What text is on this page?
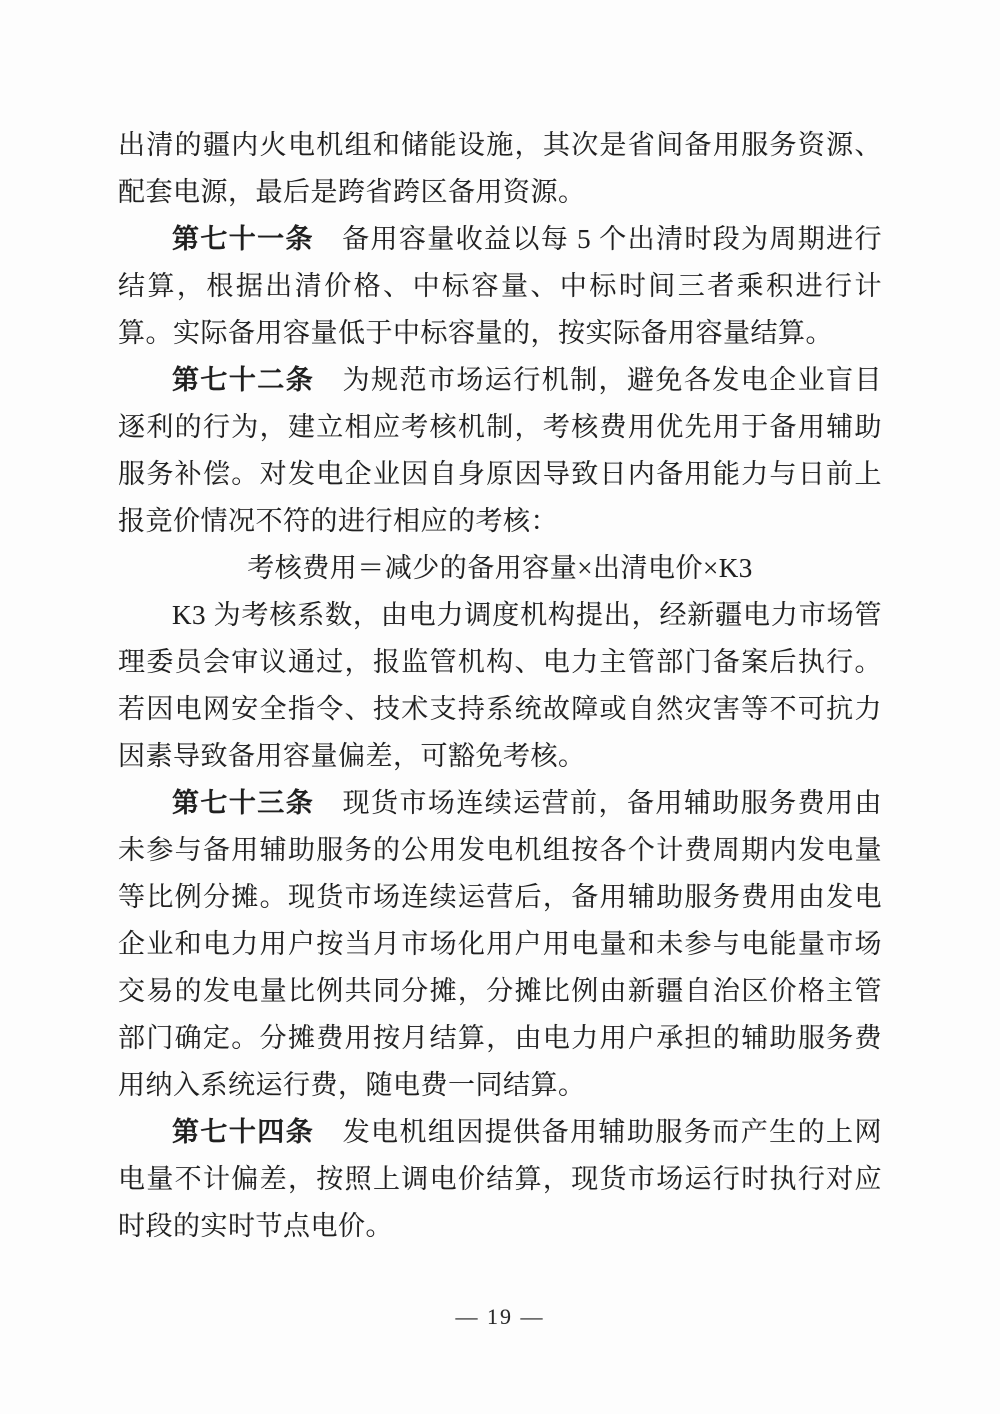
出清的疆内火电机组和储能设施，其次是省间备用服务资源、配套电源，最后是跨省跨区备用资源。

第七十一条　备用容量收益以每 5 个出清时段为周期进行结算，根据出清价格、中标容量、中标时间三者乘积进行计算。实际备用容量低于中标容量的，按实际备用容量结算。

第七十二条　为规范市场运行机制，避免各发电企业盲目逐利的行为，建立相应考核机制，考核费用优先用于备用辅助服务补偿。对发电企业因自身原因导致日内备用能力与日前上报竞价情况不符的进行相应的考核：

考核费用＝减少的备用容量×出清电价×K3

K3 为考核系数，由电力调度机构提出，经新疆电力市场管理委员会审议通过，报监管机构、电力主管部门备案后执行。若因电网安全指令、技术支持系统故障或自然灾害等不可抗力因素导致备用容量偏差，可豁免考核。

第七十三条　现货市场连续运营前，备用辅助服务费用由未参与备用辅助服务的公用发电机组按各个计费周期内发电量等比例分摊。现货市场连续运营后，备用辅助服务费用由发电企业和电力用户按当月市场化用户用电量和未参与电能量市场交易的发电量比例共同分摊，分摊比例由新疆自治区价格主管部门确定。分摊费用按月结算，由电力用户承担的辅助服务费用纳入系统运行费，随电费一同结算。

第七十四条　发电机组因提供备用辅助服务而产生的上网电量不计偏差，按照上调电价结算，现货市场运行时执行对应时段的实时节点电价。

— 19 —
